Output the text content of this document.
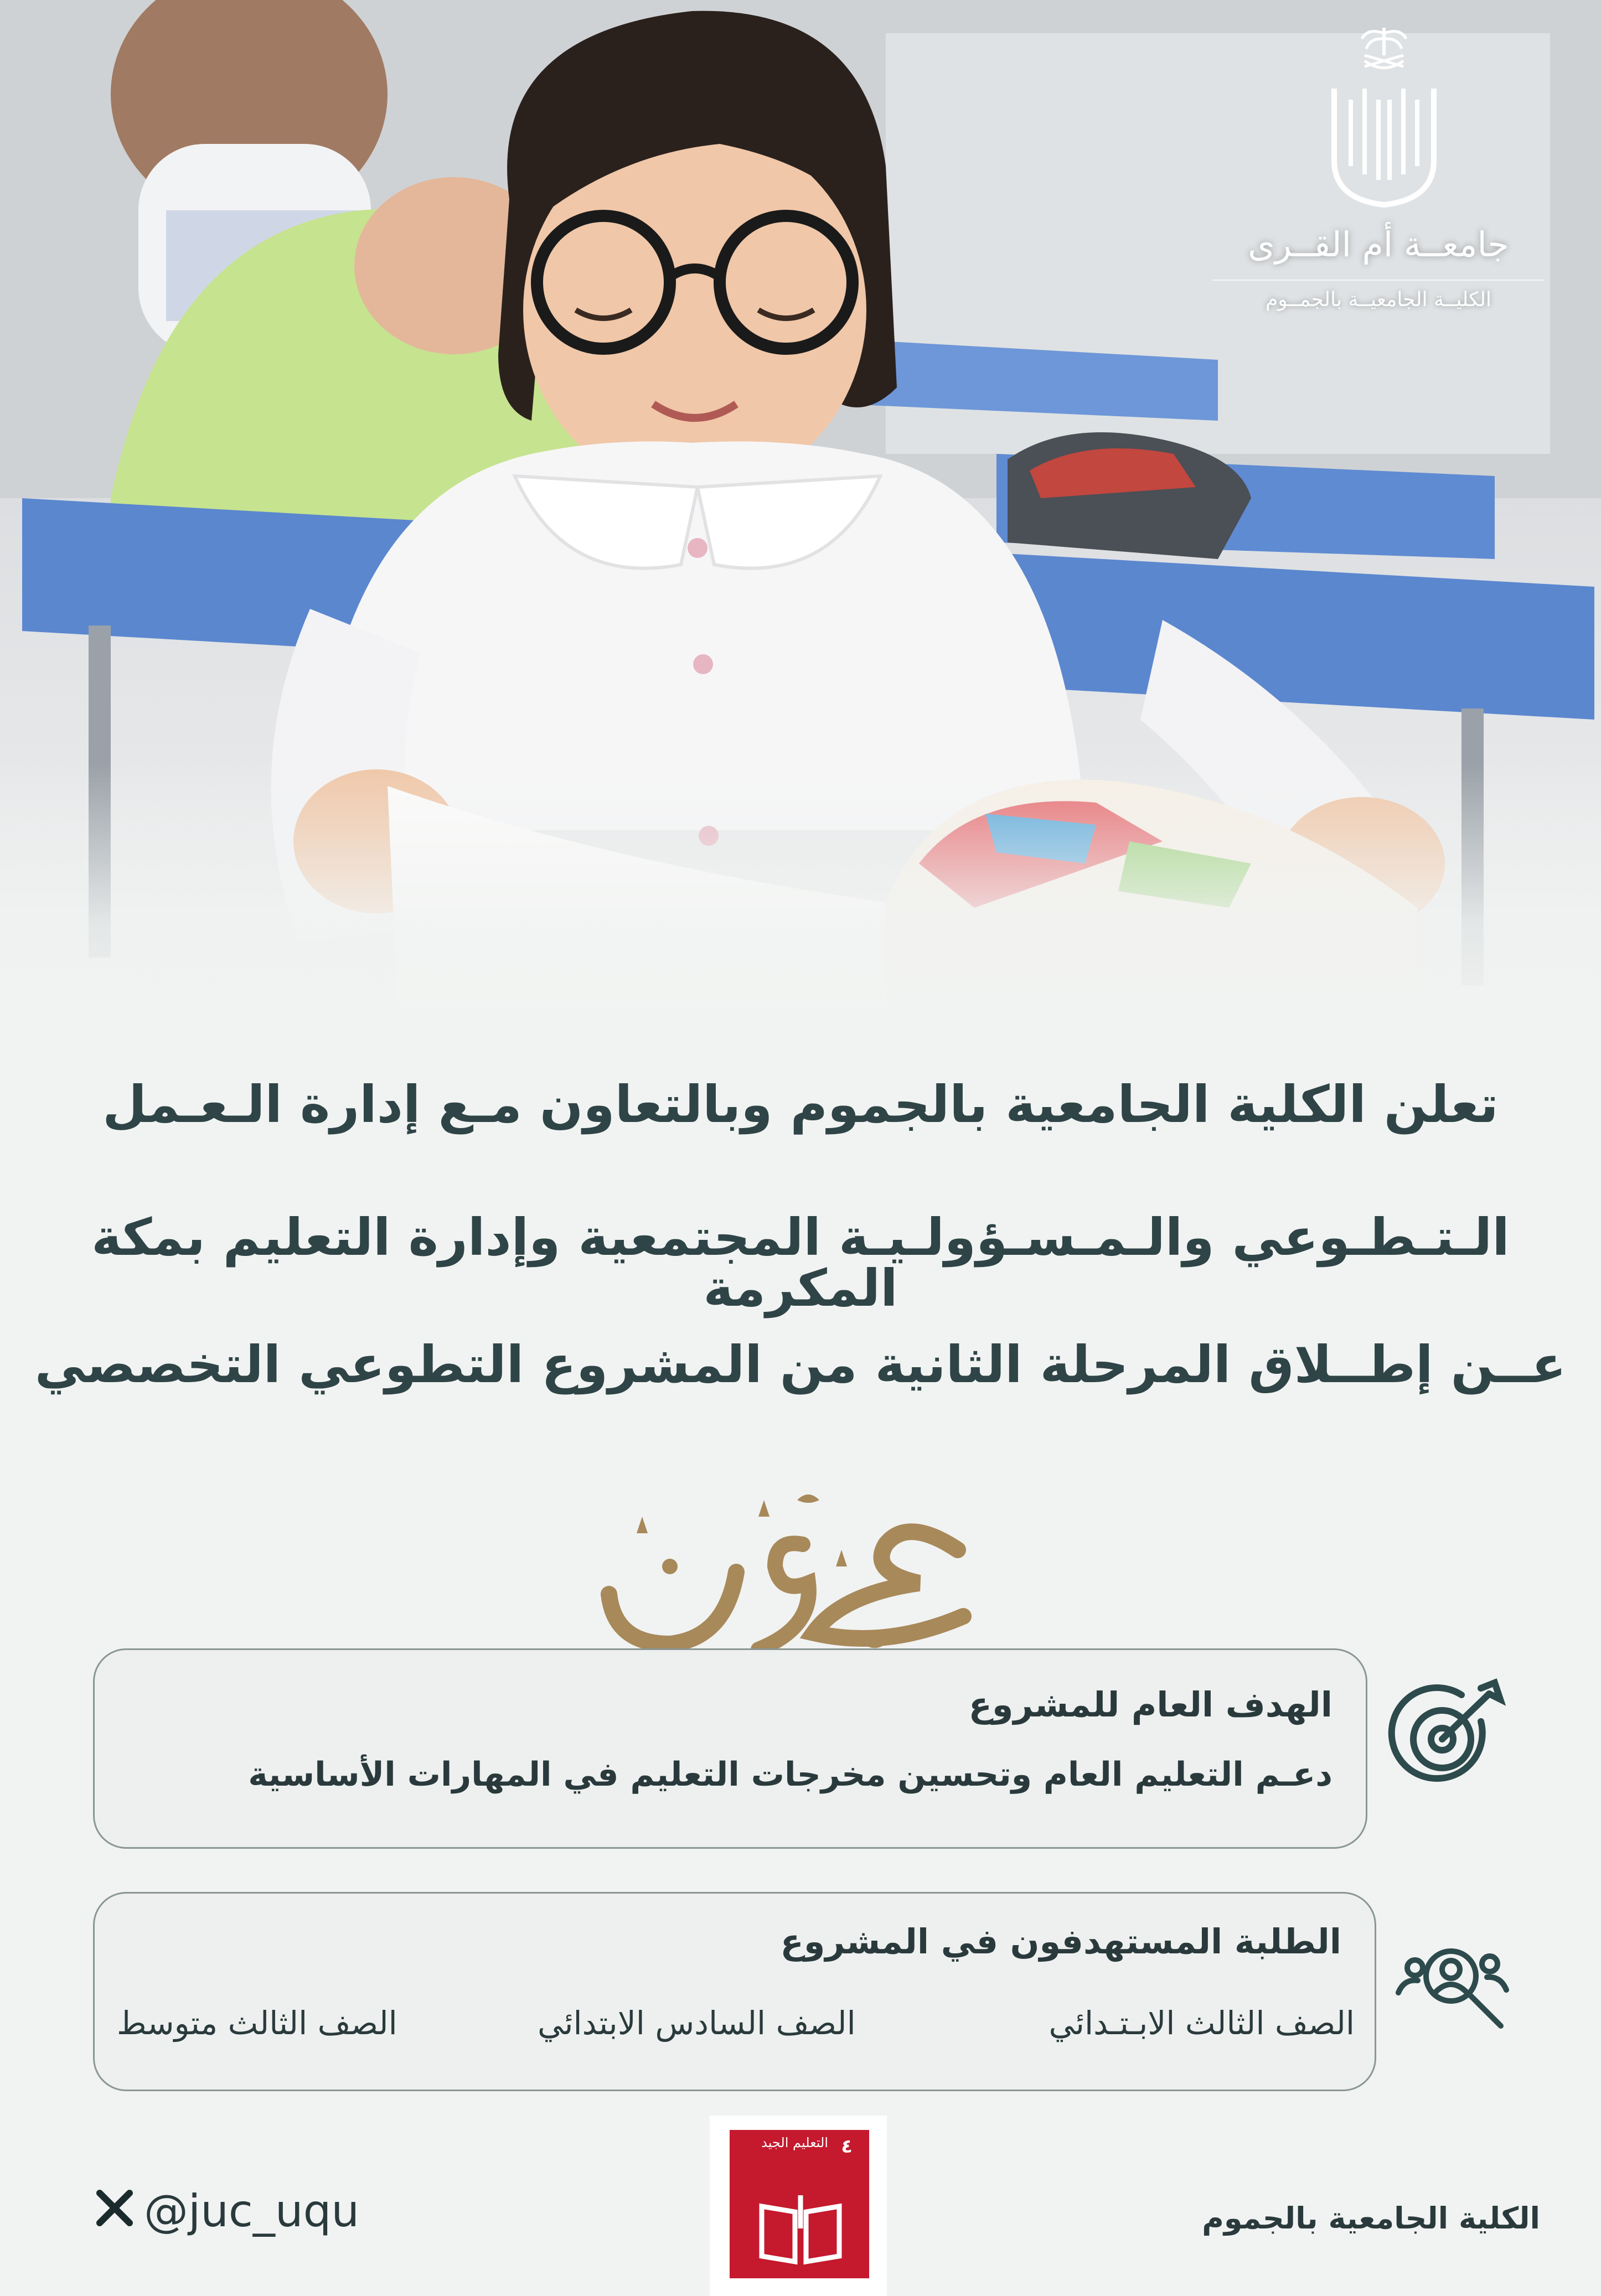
جامعــة أم القــرى
الكليــة الجامعيــة بالجمــوم
تعلن الكلية الجامعية بالجموم وبالتعاون مـع إدارة الـعـمل
الـتـطـوعي والـمـسـؤولـيـة المجتمعية وإدارة التعليم بمكة المكرمة
عــن إطــلاق المرحلة الثانية من المشروع التطوعي التخصصي
الهدف العام للمشروع
دعـم التعليم العام وتحسين مخرجات التعليم في المهارات الأساسية
الطلبة المستهدفون في المشروع
الصف الثالث الابـتـدائي
الصف السادس الابتدائي
الصف الثالث متوسط
٤
التعليم الجيد
@juc_uqu	الكلية الجامعية بالجموم
